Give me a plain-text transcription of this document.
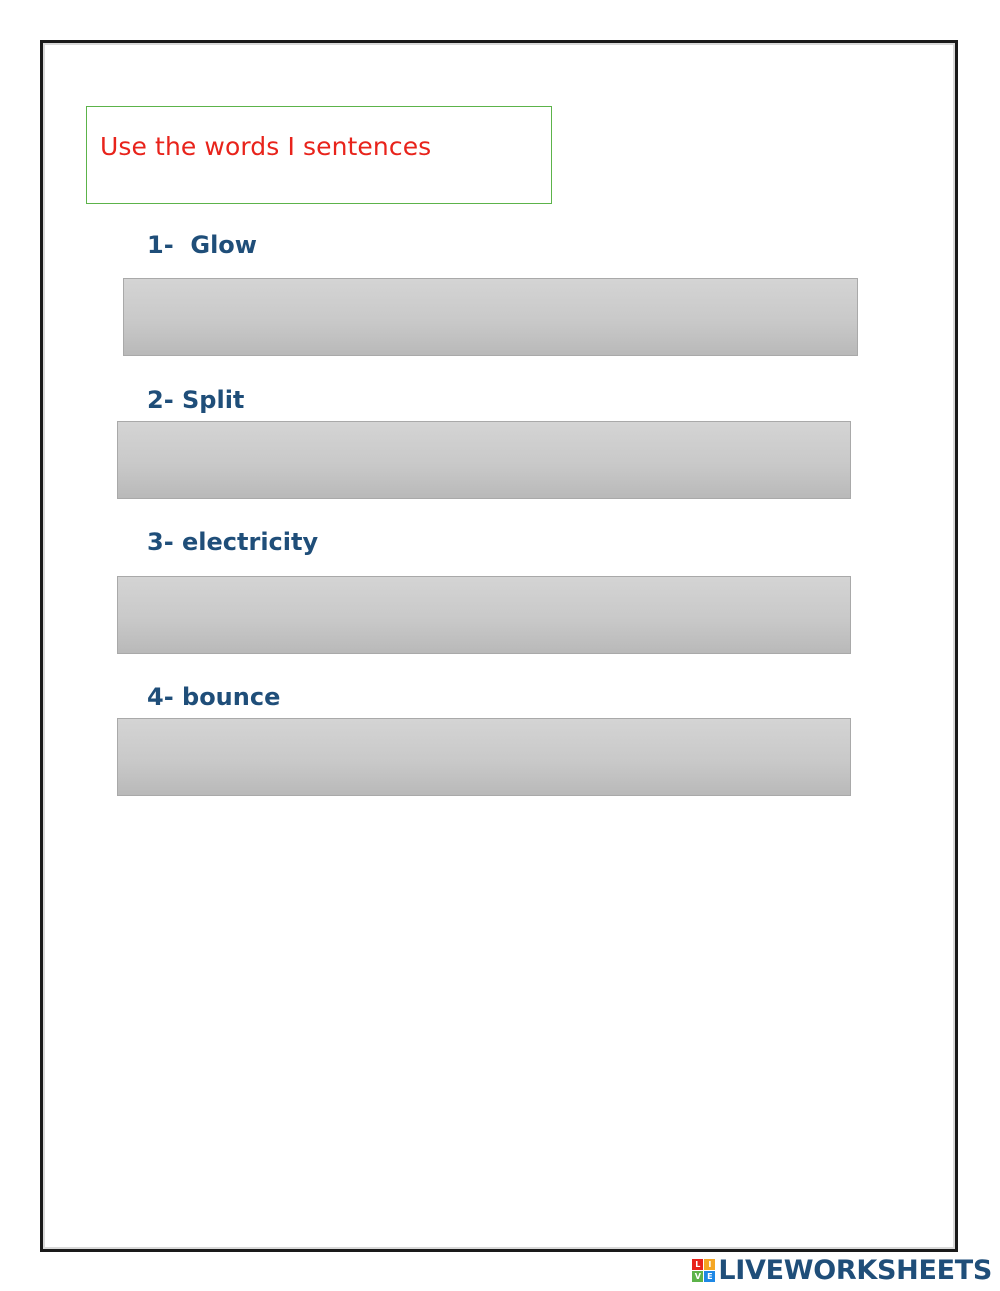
Use the words I sentences
1-  Glow
2- Split
3- electricity
4- bounce
L I
V E LIVEWORKSHEETS
